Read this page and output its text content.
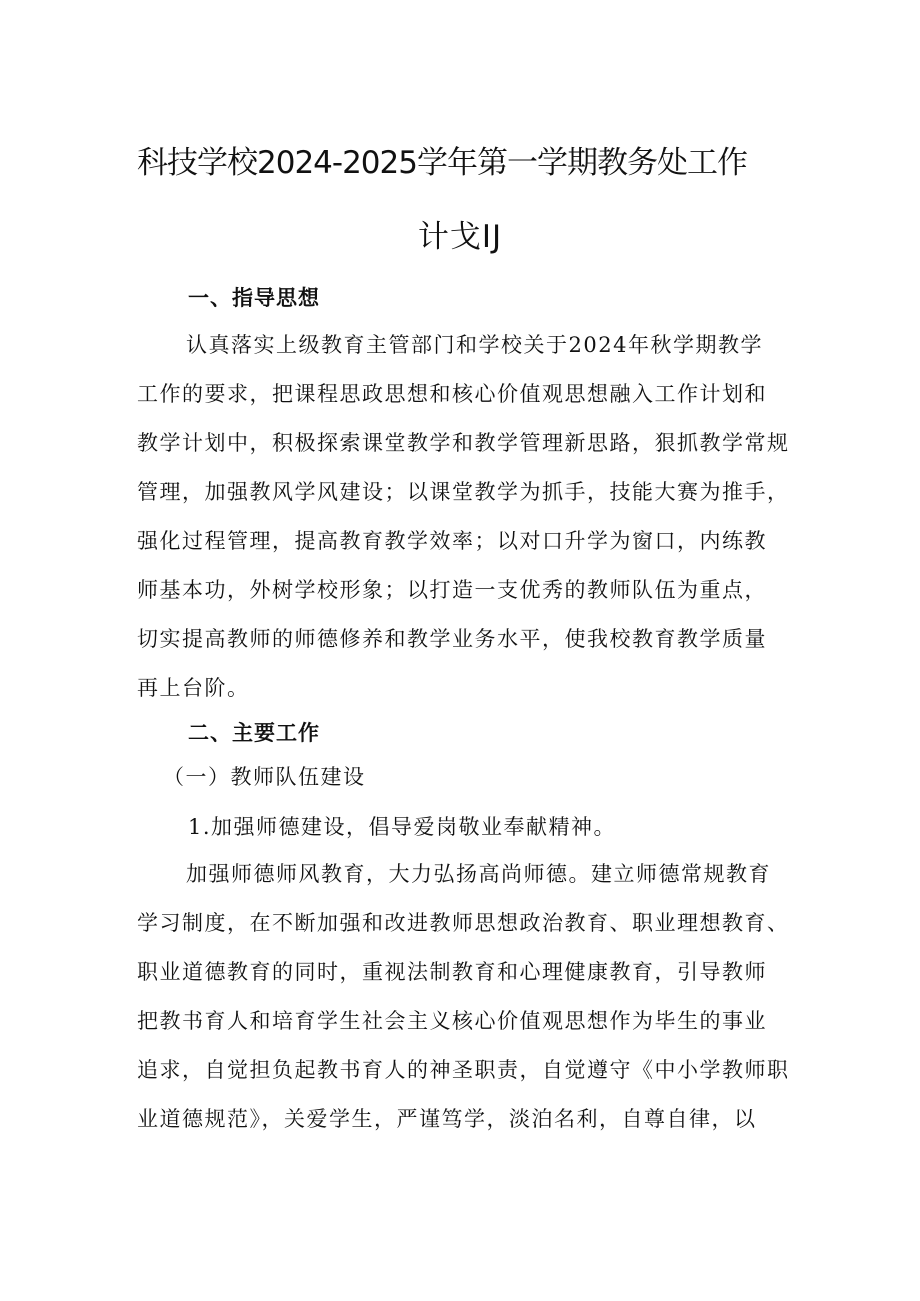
科技学校2024-2025学年第一学期教务处工作
计戈IJ
一、指导思想
认真落实上级教育主管部门和学校关于2024年秋学期教学
工作的要求，把课程思政思想和核心价值观思想融入工作计划和
教学计划中，积极探索课堂教学和教学管理新思路，狠抓教学常规
管理，加强教风学风建设；以课堂教学为抓手，技能大赛为推手，
强化过程管理，提高教育教学效率；以对口升学为窗口，内练教
师基本功，外树学校形象；以打造一支优秀的教师队伍为重点，
切实提高教师的师德修养和教学业务水平，使我校教育教学质量
再上台阶。
二、主要工作
（一）教师队伍建设
1.加强师德建设，倡导爱岗敬业奉献精神。
加强师德师风教育，大力弘扬高尚师德。建立师德常规教育
学习制度，在不断加强和改进教师思想政治教育、职业理想教育、
职业道德教育的同时，重视法制教育和心理健康教育，引导教师
把教书育人和培育学生社会主义核心价值观思想作为毕生的事业
追求，自觉担负起教书育人的神圣职责，自觉遵守《中小学教师职
业道德规范》，关爱学生，严谨笃学，淡泊名利，自尊自律，以
